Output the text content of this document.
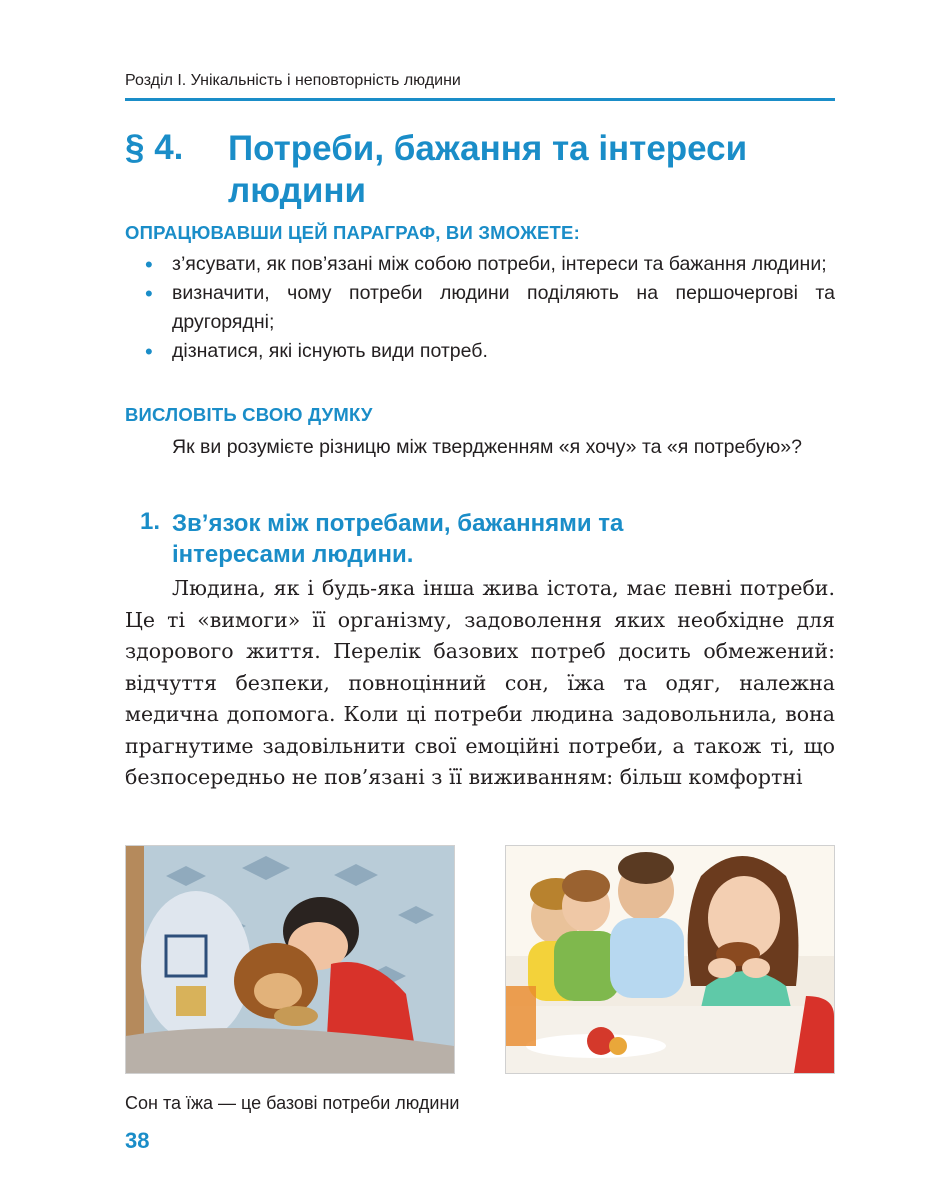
Розділ І. Унікальність і неповторність людини
§ 4. Потреби, бажання та інтереси людини
ОПРАЦЮВАВШИ ЦЕЙ ПАРАГРАФ, ВИ ЗМОЖЕТЕ:
• з’ясувати, як пов’язані між собою потреби, інтереси та бажання людини;
• визначити, чому потреби людини поділяють на першочергові та другорядні;
• дізнатися, які існують види потреб.
ВИСЛОВІТЬ СВОЮ ДУМКУ
Як ви розумієте різницю між твердженням «я хочу» та «я потребую»?
1. Зв’язок між потребами, бажаннями та інтересами людини.
Людина, як і будь-яка інша жива істота, має певні потреби. Це ті «вимоги» її організму, задоволення яких необхідне для здорового життя. Перелік базових потреб досить обмежений: відчуття безпеки, повноцінний сон, їжа та одяг, належна медична допомога. Коли ці потреби людина задовольнила, вона прагнутиме задовільнити свої емоційні потреби, а також ті, що безпосередньо не пов’язані з її виживанням: більш комфортні
Сон та їжа — це базові потреби людини
38
